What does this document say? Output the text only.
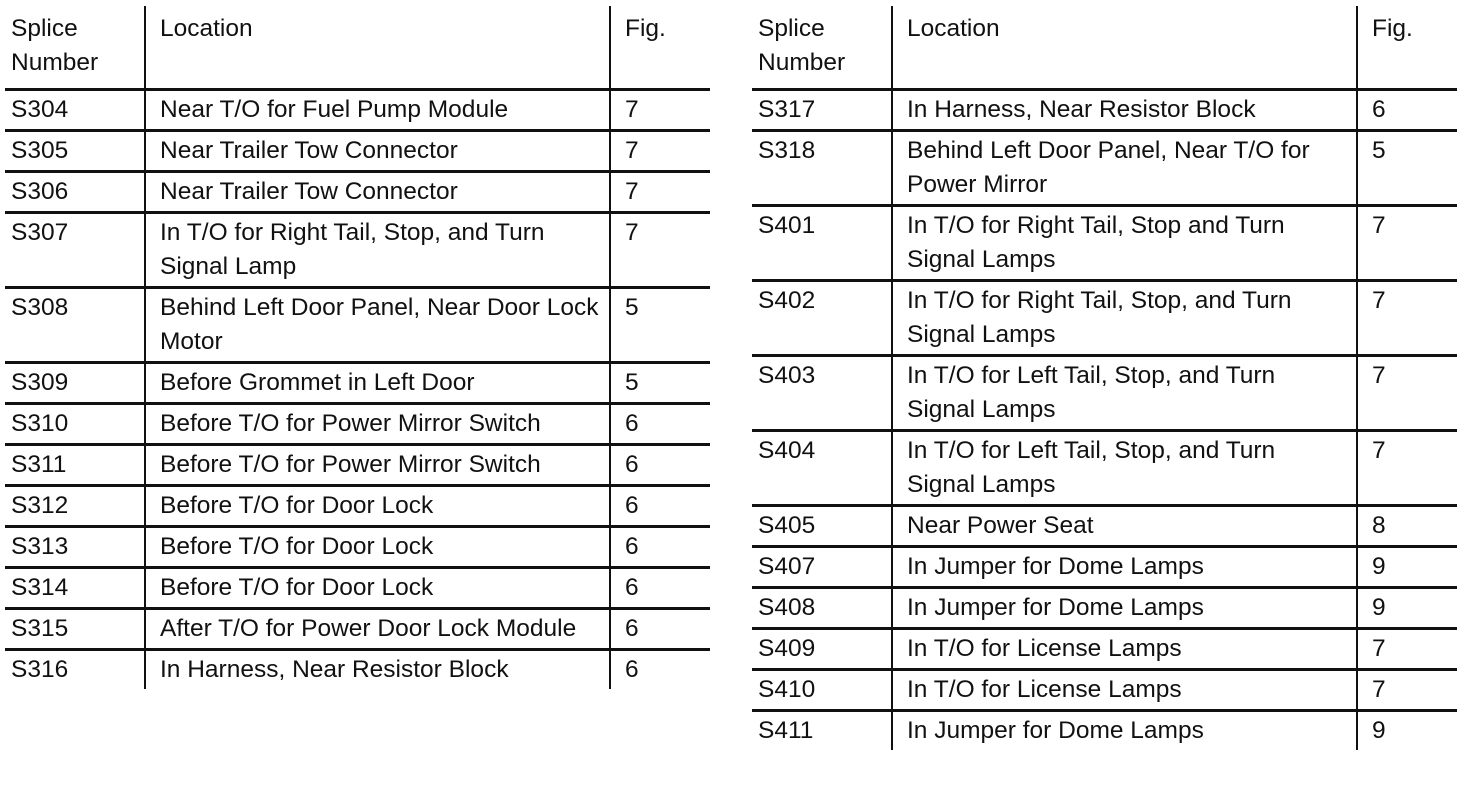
Splice Number	Location	Fig.
S304	Near T/O for Fuel Pump Module	7
S305	Near Trailer Tow Connector	7
S306	Near Trailer Tow Connector	7
S307	In T/O for Right Tail, Stop, and Turn Signal Lamp	7
S308	Behind Left Door Panel, Near Door Lock Motor	5
S309	Before Grommet in Left Door	5
S310	Before T/O for Power Mirror Switch	6
S311	Before T/O for Power Mirror Switch	6
S312	Before T/O for Door Lock	6
S313	Before T/O for Door Lock	6
S314	Before T/O for Door Lock	6
S315	After T/O for Power Door Lock Module	6
S316	In Harness, Near Resistor Block	6
Splice Number	Location	Fig.
S317	In Harness, Near Resistor Block	6
S318	Behind Left Door Panel, Near T/O for Power Mirror	5
S401	In T/O for Right Tail, Stop and Turn Signal Lamps	7
S402	In T/O for Right Tail, Stop, and Turn Signal Lamps	7
S403	In T/O for Left Tail, Stop, and Turn Signal Lamps	7
S404	In T/O for Left Tail, Stop, and Turn Signal Lamps	7
S405	Near Power Seat	8
S407	In Jumper for Dome Lamps	9
S408	In Jumper for Dome Lamps	9
S409	In T/O for License Lamps	7
S410	In T/O for License Lamps	7
S411	In Jumper for Dome Lamps	9
